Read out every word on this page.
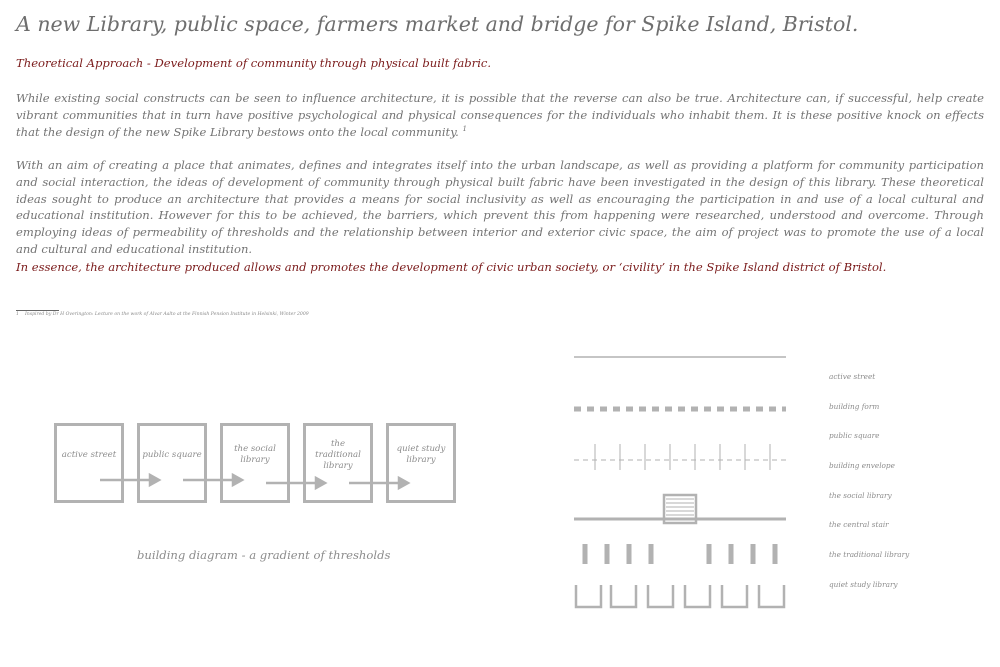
A new Library, public space, farmers market and bridge for Spike Island, Bristol.

Theoretical Approach - Development of community through physical built fabric.

While existing social constructs can be seen to influence architecture, it is possible that the reverse can also be true. Architecture can, if successful, help create vibrant communities that in turn have positive psychological and physical consequences for the individuals who inhabit them. It is these positive knock on effects that the design of the new Spike Library bestows onto the local community. $^1$

With an aim of creating a place that animates, defines and integrates itself into the urban landscape, as well as providing a platform for community participation and social interaction, the ideas of development of community through physical built fabric have been investigated in the design of this library. These theoretical ideas sought to produce an architecture that provides a means for social inclusivity as well as encouraging the participation in and use of a local cultural and educational institution. However for this to be achieved, the barriers, which prevent this from happening were researched, understood and overcome. Through employing ideas of permeability of thresholds and the relationship between interior and exterior civic space, the aim of project was to promote the use of a local and cultural and educational institution.

In essence, the architecture produced allows and promotes the development of civic urban society, or ‘civility’ in the Spike Island district of Bristol.

1 Inspired by Dr H Overington: Lecture on the work of Alvar Aalto at the Finnish Pension Institute in Helsinki, Winter 2009

active street	public square
the social library
the traditional library
quiet study library

building diagram - a gradient of thresholds

active street
building form
public square
building envelope
the social library
the central stair
the traditional library
quiet study library
